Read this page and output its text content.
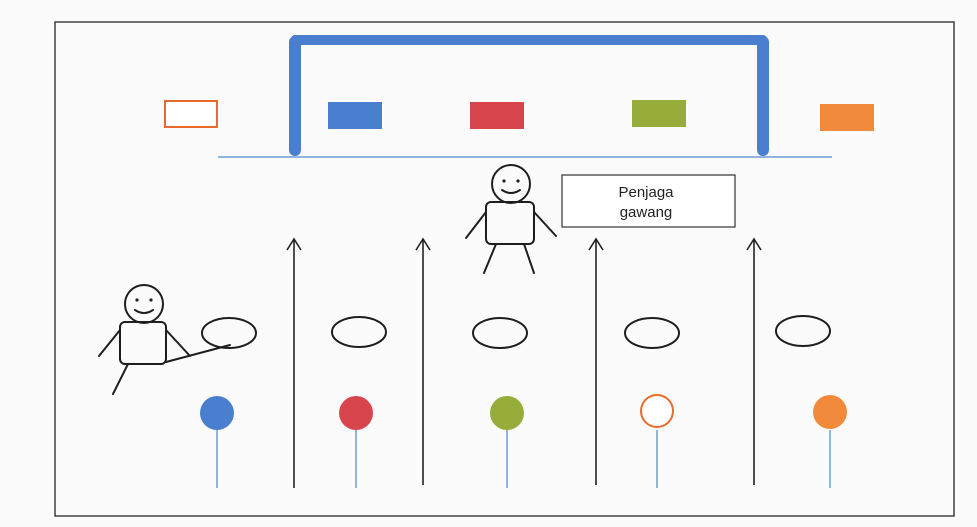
Penjaga
gawang
